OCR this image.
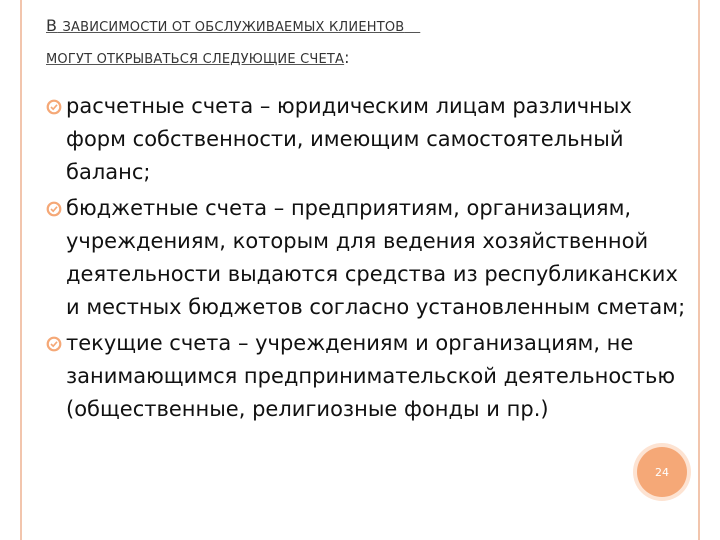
В ЗАВИСИМОСТИ ОТ ОБСЛУЖИВАЕМЫХ КЛИЕНТОВ
МОГУТ ОТКРЫВАТЬСЯ СЛЕДУЮЩИЕ СЧЕТА:
расчетные счета – юридическим лицам различных форм собственности, имеющим самостоятельный баланс;
бюджетные счета – предприятиям, организациям, учреждениям, которым для ведения хозяйственной деятельности выдаются средства из республиканских и местных бюджетов согласно установленным сметам;
текущие счета – учреждениям и организациям, не занимающимся предпринимательской деятельностью (общественные, религиозные фонды и пр.)
24
